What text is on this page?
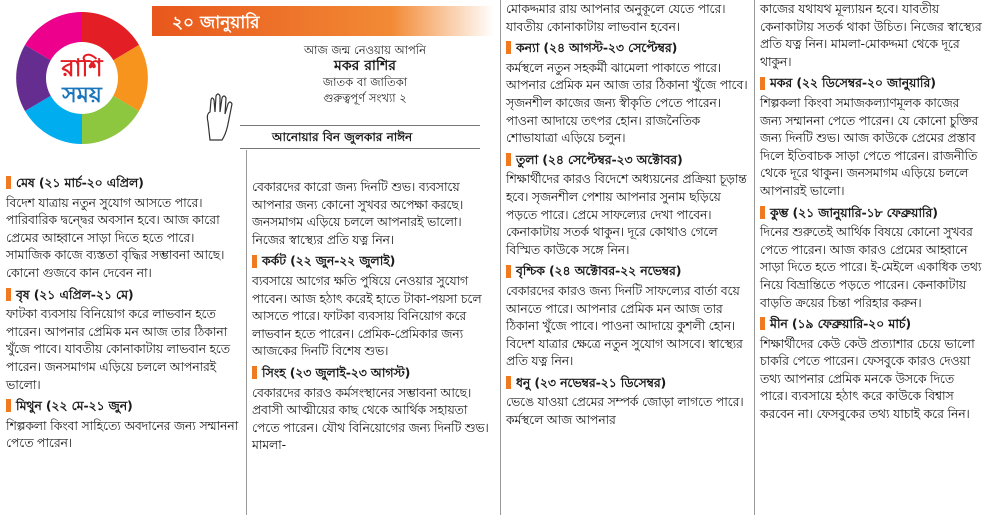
২০ জানুয়ারি
রাশি
সময়
আজ জন্ম নেওয়ায় আপনি
মকর রাশির
জাতক বা জাতিকা
গুরুত্বপূর্ণ সংখ্যা ২
আনোয়ার বিন জুলকার নাঈন
মেষ (২১ মার্চ-২০ এপ্রিল)
বিদেশ যাত্রায় নতুন সুযোগ আসতে পারে। পারিবারিক দ্বন্দ্বের অবসান হবে। আজ কারো প্রেমের আহ্বানে সাড়া দিতে হতে পারে। সামাজিক কাজে ব্যস্ততা বৃদ্ধির সম্ভাবনা আছে। কোনো গুজবে কান দেবেন না।
বৃষ (২১ এপ্রিল-২১ মে)
ফাটকা ব্যবসায় বিনিয়োগ করে লাভবান হতে পারেন। আপনার প্রেমিক মন আজ তার ঠিকানা খুঁজে পাবে। যাবতীয় কোনাকাটায় লাভবান হতে পারেন। জনসমাগম এড়িয়ে চললে আপনারই ভালো।
মিথুন (২২ মে-২১ জুন)
শিল্পকলা কিংবা সাহিত্যে অবদানের জন্য সম্মাননা পেতে পারেন।
বেকারদের কারো জন্য দিনটি শুভ। ব্যবসায়ে আপনার জন্য কোনো সুখবর অপেক্ষা করছে। জনসমাগম এড়িয়ে চললে আপনারই ভালো। নিজের স্বাস্থ্যের প্রতি যত্ন নিন।
কর্কট (২২ জুন-২২ জুলাই)
ব্যবসায়ে আগের ক্ষতি পুষিয়ে নেওয়ার সুযোগ পাবেন। আজ হঠাৎ করেই হাতে টাকা-পয়সা চলে আসতে পারে। ফাটকা ব্যবসায় বিনিয়োগ করে লাভবান হতে পারেন। প্রেমিক-প্রেমিকার জন্য আজকের দিনটি বিশেষ শুভ।
সিংহ (২৩ জুলাই-২৩ আগস্ট)
বেকারদের কারও কর্মসংস্থানের সম্ভাবনা আছে। প্রবাসী আত্মীয়ের কাছ থেকে আর্থিক সহায়তা পেতে পারেন। যৌথ বিনিয়োগের জন্য দিনটি শুভ। মামলা-
মোকদ্দমার রায় আপনার অনুকূলে যেতে পারে। যাবতীয় কোনাকাটায় লাভবান হবেন।
কন্যা (২৪ আগস্ট-২৩ সেপ্টেম্বর)
কর্মস্থলে নতুন সহকর্মী ঝামেলা পাকাতে পারে। আপনার প্রেমিক মন আজ তার ঠিকানা খুঁজে পাবে। সৃজনশীল কাজের জন্য স্বীকৃতি পেতে পারেন। পাওনা আদায়ে তৎপর হোন। রাজনৈতিক শোভাযাত্রা এড়িয়ে চলুন।
তুলা (২৪ সেপ্টেম্বর-২৩ অক্টোবর)
শিক্ষার্থীদের কারও বিদেশে অধ্যয়নের প্রক্রিয়া চূড়ান্ত হবে। সৃজনশীল পেশায় আপনার সুনাম ছড়িয়ে পড়তে পারে। প্রেমে সাফল্যের দেখা পাবেন। কেনাকাটায় সতর্ক থাকুন। দূরে কোথাও গেলে বিস্মিত কাউকে সঙ্গে নিন।
বৃশ্চিক (২৪ অক্টোবর-২২ নভেম্বর)
বেকারদের কারও জন্য দিনটি সাফল্যের বার্তা বয়ে আনতে পারে। আপনার প্রেমিক মন আজ তার ঠিকানা খুঁজে পাবে। পাওনা আদায়ে কুশলী হোন। বিদেশ যাত্রার ক্ষেত্রে নতুন সুযোগ আসবে। স্বাস্থ্যের প্রতি যত্ন নিন।
ধনু (২৩ নভেম্বর-২১ ডিসেম্বর)
ভেঙে যাওয়া প্রেমের সম্পর্ক জোড়া লাগতে পারে। কর্মস্থলে আজ আপনার
কাজের যথাযথ মূল্যায়ন হবে। যাবতীয় কেনাকাটায় সতর্ক থাকা উচিত। নিজের স্বাস্থ্যের প্রতি যত্ন নিন। মামলা-মোকদ্দমা থেকে দূরে থাকুন।
মকর (২২ ডিসেম্বর-২০ জানুয়ারি)
শিল্পকলা কিংবা সমাজকল্যাণমূলক কাজের জন্য সম্মাননা পেতে পারেন। যে কোনো চুক্তির জন্য দিনটি শুভ। আজ কাউকে প্রেমের প্রস্তাব দিলে ইতিবাচক সাড়া পেতে পারেন। রাজনীতি থেকে দূরে থাকুন। জনসমাগম এড়িয়ে চললে আপনারই ভালো।
কুম্ভ (২১ জানুয়ারি-১৮ ফেব্রুয়ারি)
দিনের শুরুতেই আর্থিক বিষয়ে কোনো সুখবর পেতে পারেন। আজ কারও প্রেমের আহ্বানে সাড়া দিতে হতে পারে। ই-মেইলে একাধিক তথ্য নিয়ে বিভ্রান্তিতে পড়তে পারেন। কেনাকাটায় বাড়তি ক্রয়ের চিন্তা পরিহার করুন।
মীন (১৯ ফেব্রুয়ারি-২০ মার্চ)
শিক্ষার্থীদের কেউ কেউ প্রত্যাশার চেয়ে ভালো চাকরি পেতে পারেন। ফেসবুকে কারও দেওয়া তথ্য আপনার প্রেমিক মনকে উসকে দিতে পারে। ব্যবসায়ে হঠাৎ করে কাউকে বিশ্বাস করবেন না। ফেসবুকের তথ্য যাচাই করে নিন।
